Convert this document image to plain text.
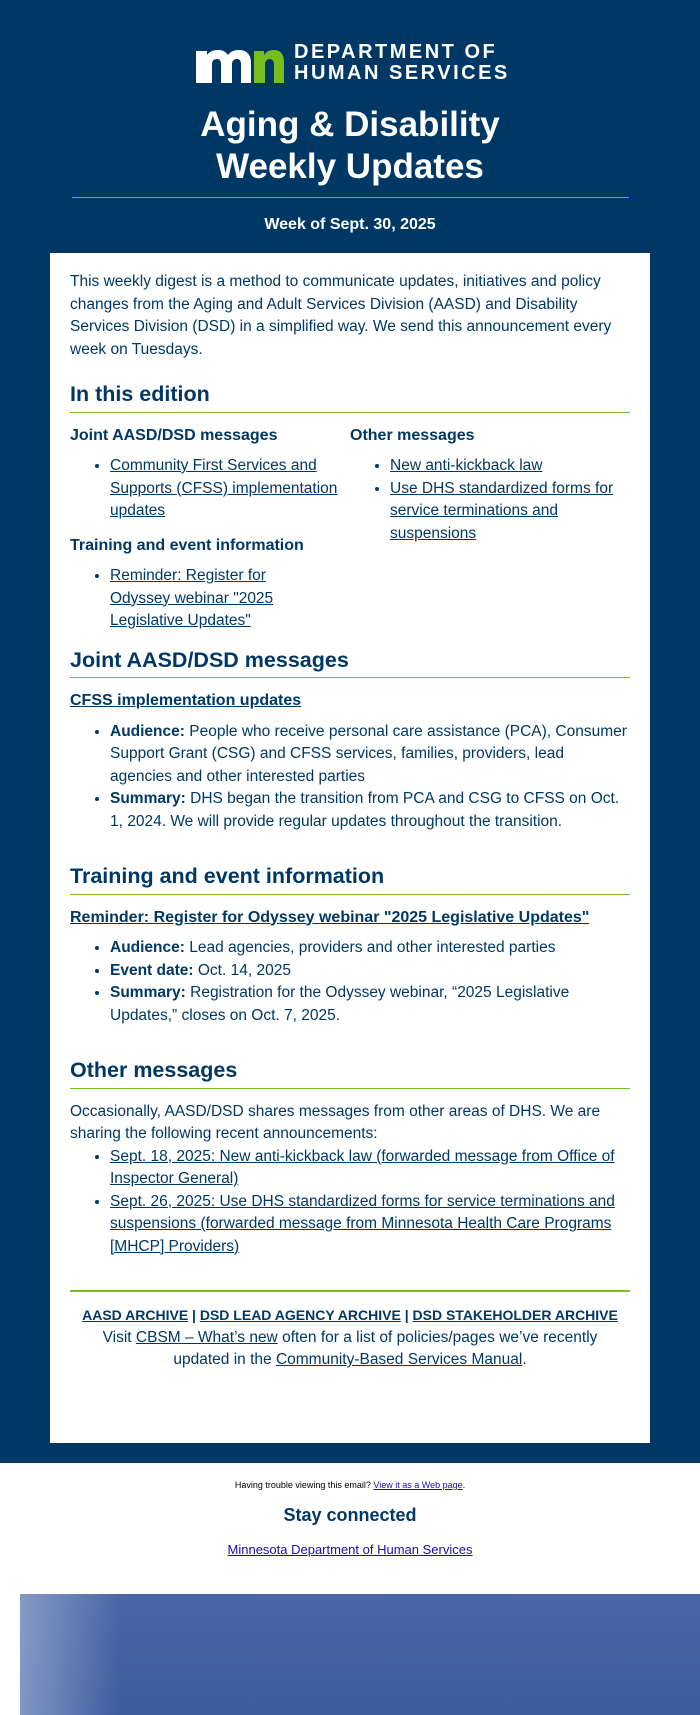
DEPARTMENT OF
HUMAN SERVICES
Aging & Disability
Weekly Updates
Week of Sept. 30, 2025

This weekly digest is a method to communicate updates, initiatives and policy changes from the Aging and Adult Services Division (AASD) and Disability Services Division (DSD) in a simplified way. We send this announcement every week on Tuesdays.

In this edition
Joint AASD/DSD messages
• Community First Services and Supports (CFSS) implementation updates
Training and event information
• Reminder: Register for Odyssey webinar "2025 Legislative Updates"
Other messages
• New anti-kickback law
• Use DHS standardized forms for service terminations and suspensions
Joint AASD/DSD messages
CFSS implementation updates
• Audience: People who receive personal care assistance (PCA), Consumer Support Grant (CSG) and CFSS services, families, providers, lead agencies and other interested parties
• Summary: DHS began the transition from PCA and CSG to CFSS on Oct. 1, 2024. We will provide regular updates throughout the transition.
Training and event information
Reminder: Register for Odyssey webinar "2025 Legislative Updates"
• Audience: Lead agencies, providers and other interested parties
• Event date: Oct. 14, 2025
• Summary: Registration for the Odyssey webinar, “2025 Legislative Updates,” closes on Oct. 7, 2025.
Other messages

Occasionally, AASD/DSD shares messages from other areas of DHS. We are sharing the following recent announcements:

• Sept. 18, 2025: New anti-kickback law (forwarded message from Office of Inspector General)
• Sept. 26, 2025: Use DHS standardized forms for service terminations and suspensions (forwarded message from Minnesota Health Care Programs [MHCP] Providers)
AASD ARCHIVE | DSD LEAD AGENCY ARCHIVE | DSD STAKEHOLDER ARCHIVE

Visit CBSM – What’s new often for a list of policies/pages we’ve recently updated in the Community-Based Services Manual.

Having trouble viewing this email? View it as a Web page.
Stay connected
Minnesota Department of Human Services
